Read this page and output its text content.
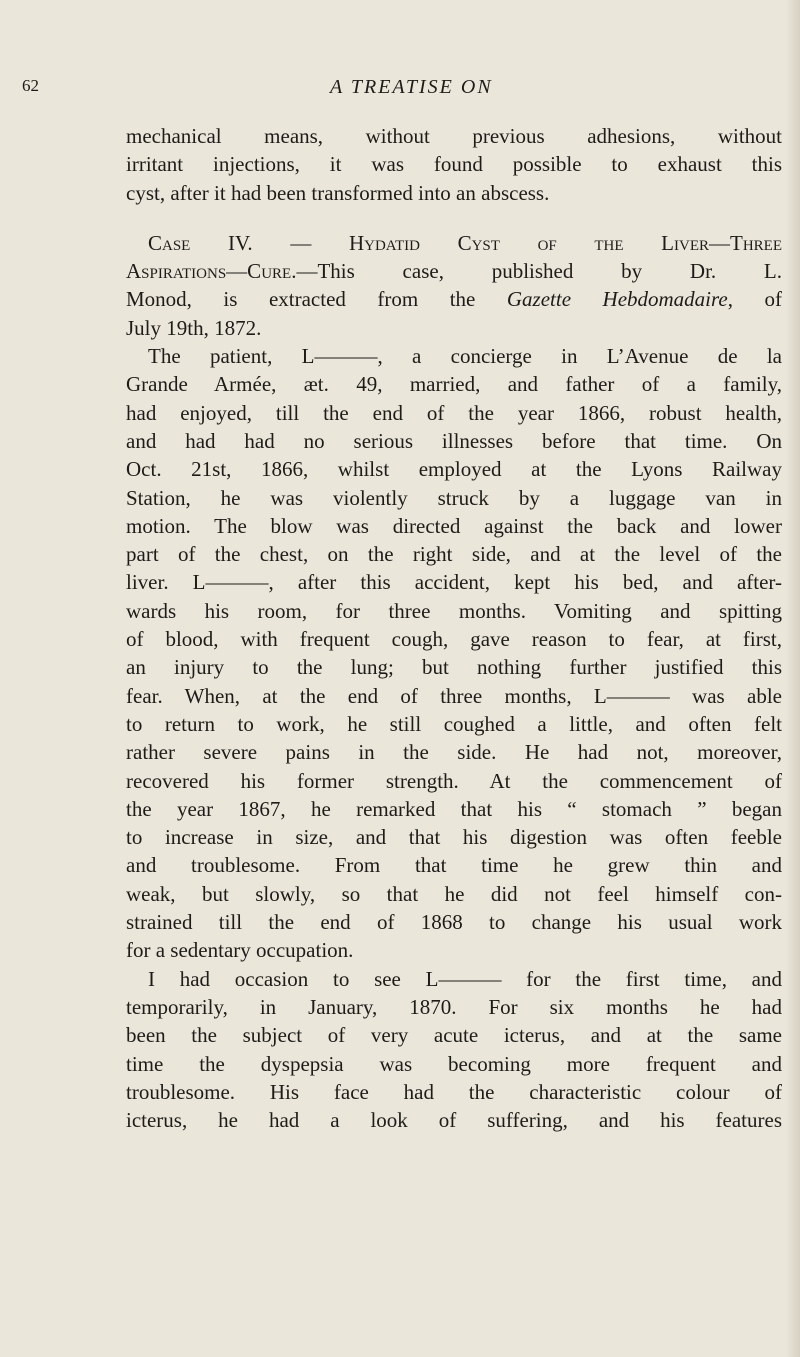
62	A TREATISE ON

mechanical means, without previous adhesions, without
irritant injections, it was found possible to exhaust this
cyst, after it had been transformed into an abscess.
Case IV. — Hydatid Cyst of the Liver—Three
Aspirations—Cure.—This case, published by Dr. L.
Monod, is extracted from the Gazette Hebdomadaire, of
July 19th, 1872.
The patient, L———, a concierge in L’Avenue de la
Grande Armée, æt. 49, married, and father of a family,
had enjoyed, till the end of the year 1866, robust health,
and had had no serious illnesses before that time. On
Oct. 21st, 1866, whilst employed at the Lyons Railway
Station, he was violently struck by a luggage van in
motion. The blow was directed against the back and lower
part of the chest, on the right side, and at the level of the
liver. L———, after this accident, kept his bed, and after-
wards his room, for three months. Vomiting and spitting
of blood, with frequent cough, gave reason to fear, at first,
an injury to the lung; but nothing further justified this
fear. When, at the end of three months, L——— was able
to return to work, he still coughed a little, and often felt
rather severe pains in the side. He had not, moreover,
recovered his former strength. At the commencement of
the year 1867, he remarked that his “ stomach ” began
to increase in size, and that his digestion was often feeble
and troublesome. From that time he grew thin and
weak, but slowly, so that he did not feel himself con-
strained till the end of 1868 to change his usual work
for a sedentary occupation.
I had occasion to see L——— for the first time, and
temporarily, in January, 1870. For six months he had
been the subject of very acute icterus, and at the same
time the dyspepsia was becoming more frequent and
troublesome. His face had the characteristic colour of
icterus, he had a look of suffering, and his features
